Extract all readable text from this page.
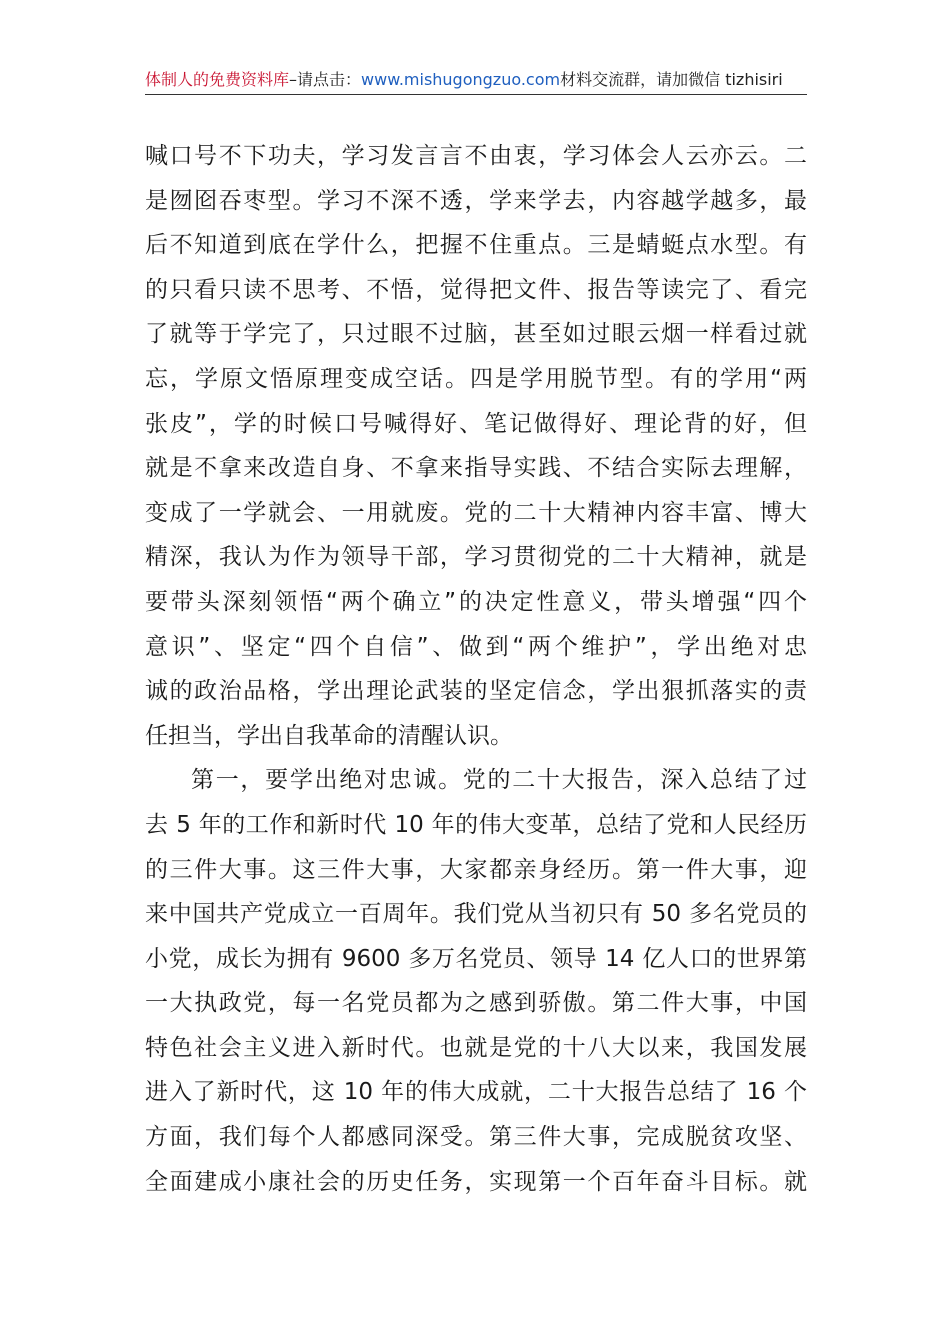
体制人的免费资料库–请点击：www.mishugongzuo.com材料交流群，请加微信 tizhisiri
喊口号不下功夫，学习发言言不由衷，学习体会人云亦云。二
是囫囵吞枣型。学习不深不透，学来学去，内容越学越多，最
后不知道到底在学什么，把握不住重点。三是蜻蜓点水型。有
的只看只读不思考、不悟，觉得把文件、报告等读完了、看完
了就等于学完了，只过眼不过脑，甚至如过眼云烟一样看过就
忘，学原文悟原理变成空话。四是学用脱节型。有的学用“两
张皮”，学的时候口号喊得好、笔记做得好、理论背的好，但
就是不拿来改造自身、不拿来指导实践、不结合实际去理解，
变成了一学就会、一用就废。党的二十大精神内容丰富、博大
精深，我认为作为领导干部，学习贯彻党的二十大精神，就是
要带头深刻领悟“两个确立”的决定性意义，带头增强“四个
意识”、坚定“四个自信”、做到“两个维护”，学出绝对忠
诚的政治品格，学出理论武装的坚定信念，学出狠抓落实的责
任担当，学出自我革命的清醒认识。
第一，要学出绝对忠诚。党的二十大报告，深入总结了过
去 5 年的工作和新时代 10 年的伟大变革，总结了党和人民经历
的三件大事。这三件大事，大家都亲身经历。第一件大事，迎
来中国共产党成立一百周年。我们党从当初只有 50 多名党员的
小党，成长为拥有 9600 多万名党员、领导 14 亿人口的世界第
一大执政党，每一名党员都为之感到骄傲。第二件大事，中国
特色社会主义进入新时代。也就是党的十八大以来，我国发展
进入了新时代，这 10 年的伟大成就，二十大报告总结了 16 个
方面，我们每个人都感同深受。第三件大事，完成脱贫攻坚、
全面建成小康社会的历史任务，实现第一个百年奋斗目标。就
